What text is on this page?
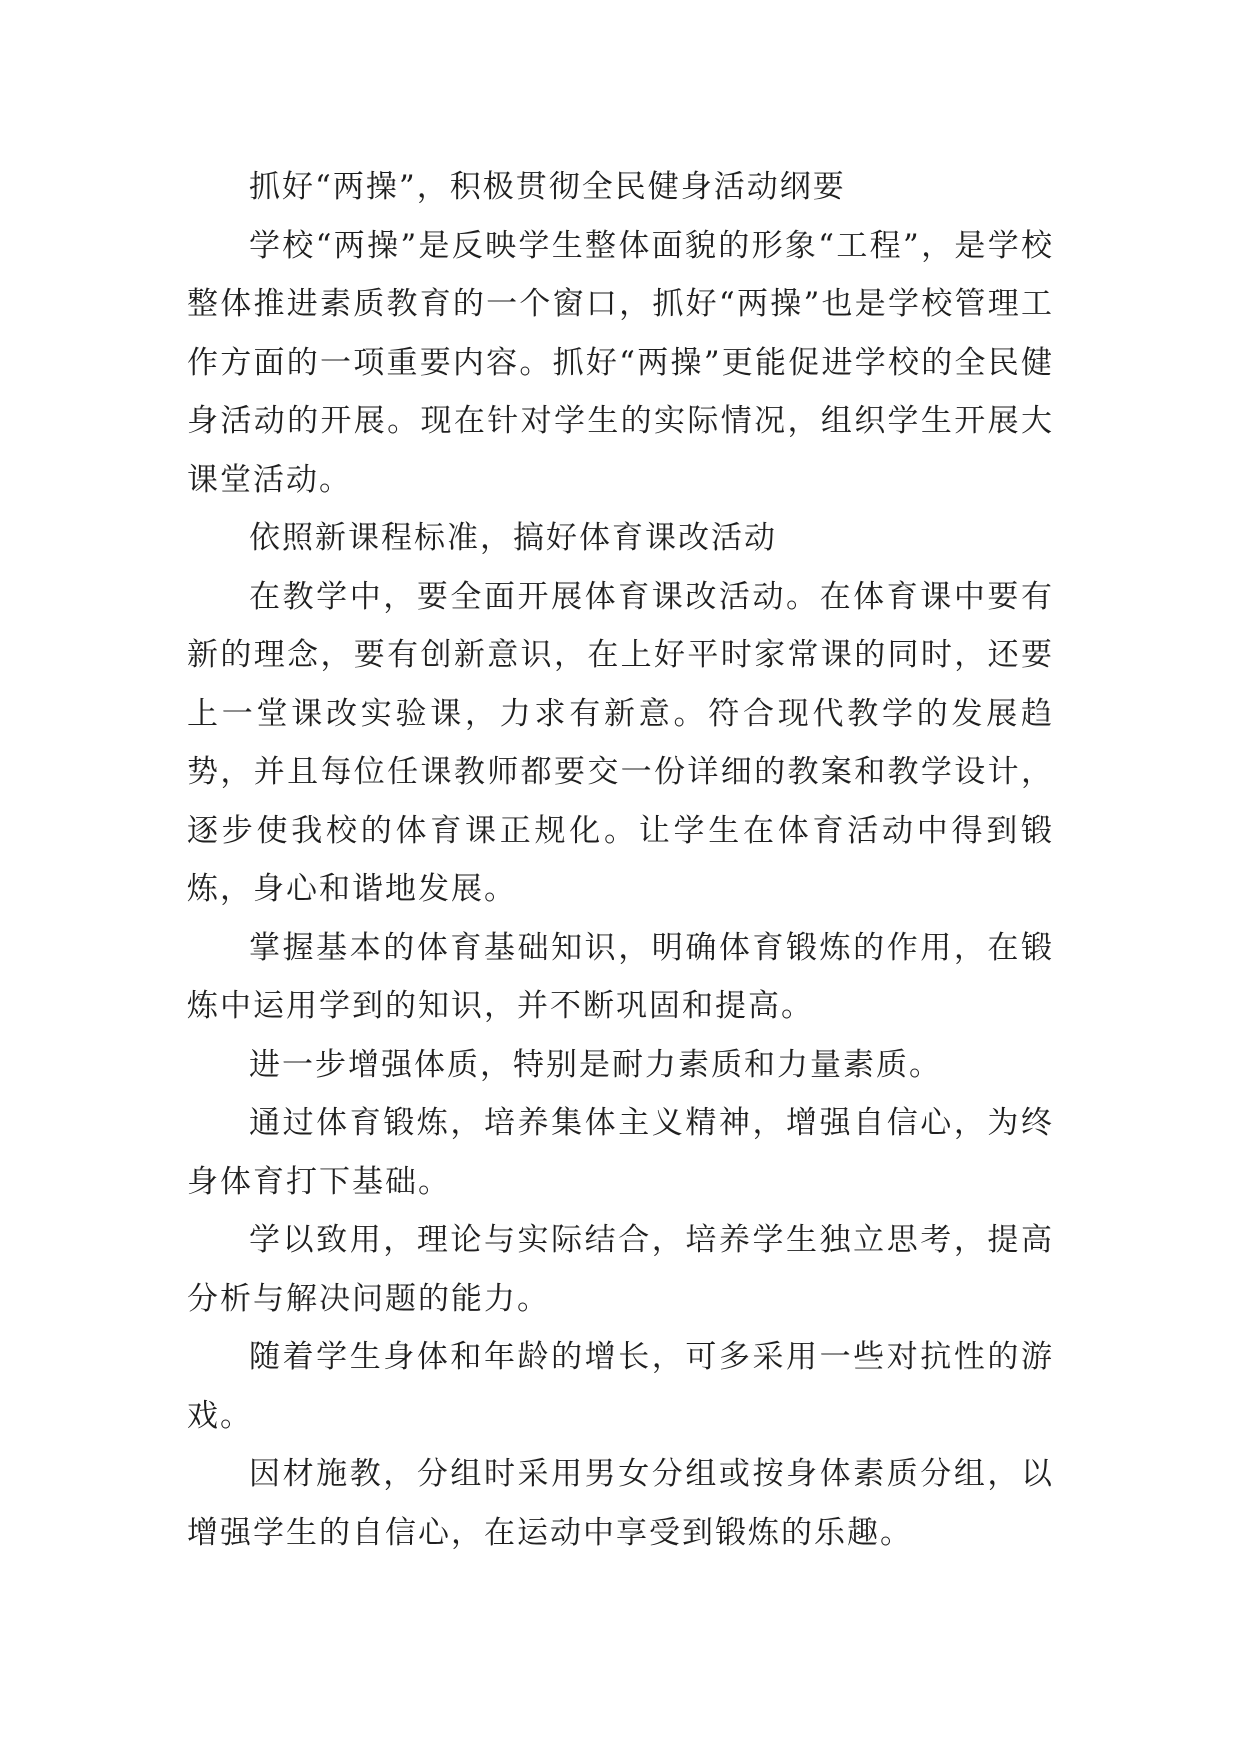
抓好“两操”，积极贯彻全民健身活动纲要

学校“两操”是反映学生整体面貌的形象“工程”，是学校整体推进素质教育的一个窗口，抓好“两操”也是学校管理工作方面的一项重要内容。抓好“两操”更能促进学校的全民健身活动的开展。现在针对学生的实际情况，组织学生开展大课堂活动。

依照新课程标准，搞好体育课改活动

在教学中，要全面开展体育课改活动。在体育课中要有新的理念，要有创新意识，在上好平时家常课的同时，还要上一堂课改实验课，力求有新意。符合现代教学的发展趋势，并且每位任课教师都要交一份详细的教案和教学设计，逐步使我校的体育课正规化。让学生在体育活动中得到锻炼，身心和谐地发展。

掌握基本的体育基础知识，明确体育锻炼的作用，在锻炼中运用学到的知识，并不断巩固和提高。

进一步增强体质，特别是耐力素质和力量素质。

通过体育锻炼，培养集体主义精神，增强自信心，为终身体育打下基础。

学以致用，理论与实际结合，培养学生独立思考，提高分析与解决问题的能力。

随着学生身体和年龄的增长，可多采用一些对抗性的游戏。

因材施教，分组时采用男女分组或按身体素质分组，以增强学生的自信心，在运动中享受到锻炼的乐趣。
